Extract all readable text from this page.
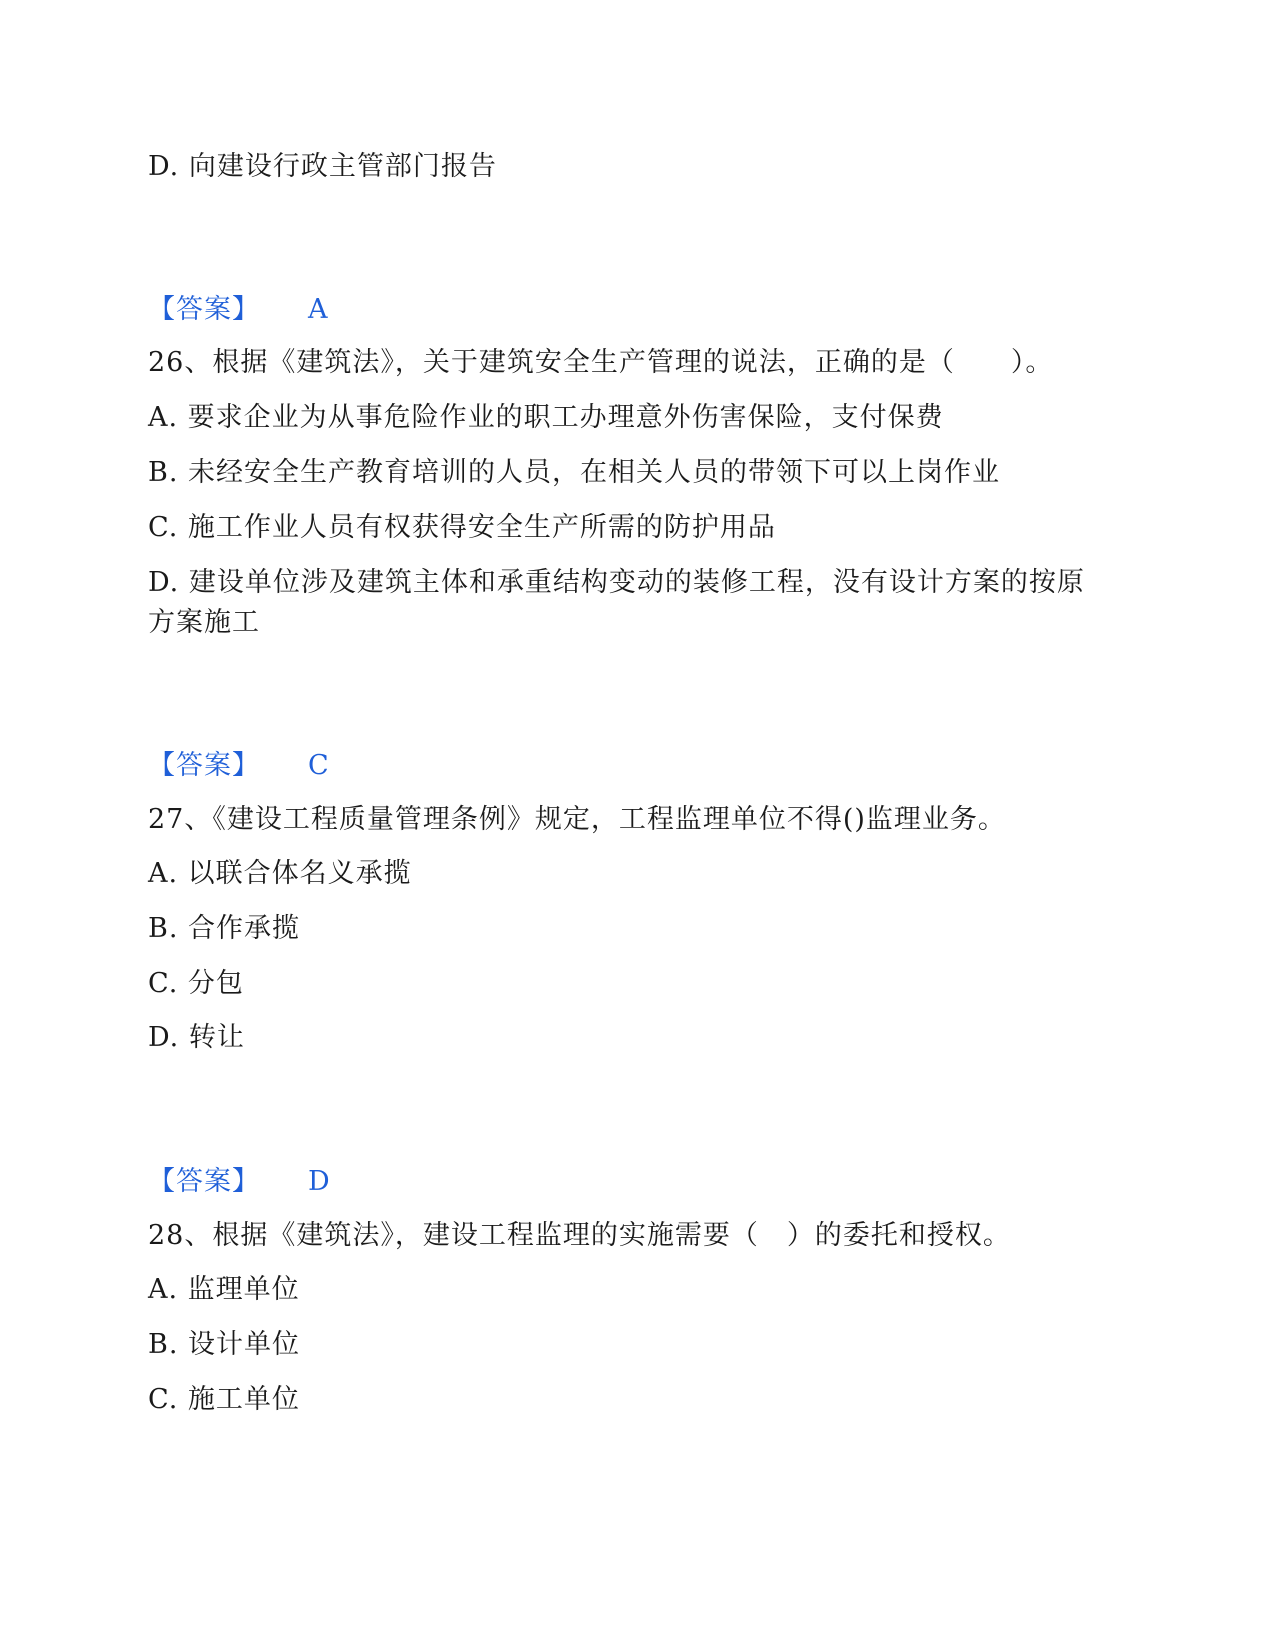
D. 向建设行政主管部门报告
【答案】 A
26、根据《建筑法》，关于建筑安全生产管理的说法，正确的是（　　）。
A. 要求企业为从事危险作业的职工办理意外伤害保险，支付保费
B. 未经安全生产教育培训的人员，在相关人员的带领下可以上岗作业
C. 施工作业人员有权获得安全生产所需的防护用品
D. 建设单位涉及建筑主体和承重结构变动的装修工程，没有设计方案的按原
方案施工
【答案】 C
27、《建设工程质量管理条例》规定，工程监理单位不得()监理业务。
A. 以联合体名义承揽
B. 合作承揽
C. 分包
D. 转让
【答案】 D
28、根据《建筑法》，建设工程监理的实施需要（　）的委托和授权。
A. 监理单位
B. 设计单位
C. 施工单位
